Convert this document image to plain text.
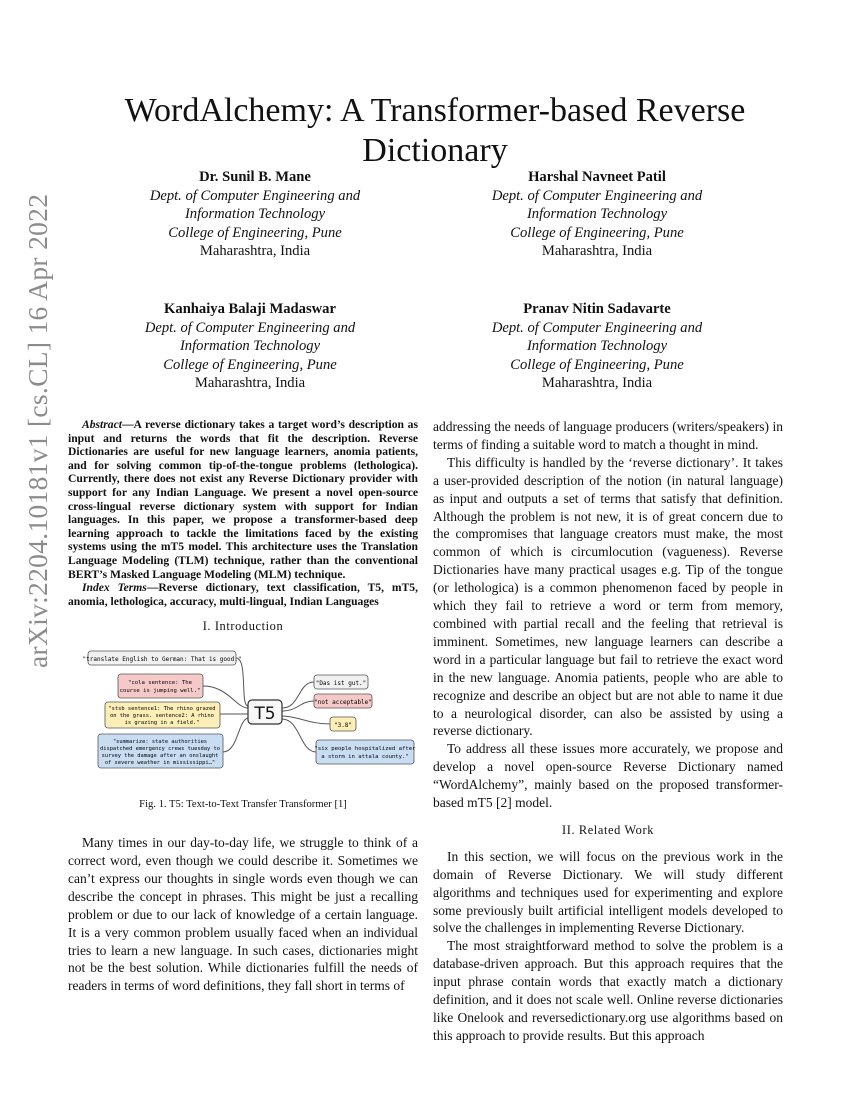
arXiv:2204.10181v1 [cs.CL] 16 Apr 2022
WordAlchemy: A Transformer-based Reverse Dictionary
Dr. Sunil B. Mane
Dept. of Computer Engineering and
Information Technology
College of Engineering, Pune
Maharashtra, India
Harshal Navneet Patil
Dept. of Computer Engineering and
Information Technology
College of Engineering, Pune
Maharashtra, India
Kanhaiya Balaji Madaswar
Dept. of Computer Engineering and
Information Technology
College of Engineering, Pune
Maharashtra, India
Pranav Nitin Sadavarte
Dept. of Computer Engineering and
Information Technology
College of Engineering, Pune
Maharashtra, India

Abstract—A reverse dictionary takes a target word’s description as input and returns the words that fit the description. Reverse Dictionaries are useful for new language learners, anomia patients, and for solving common tip-of-the-tongue problems (lethologica). Currently, there does not exist any Reverse Dictionary provider with support for any Indian Language. We present a novel open-source cross-lingual reverse dictionary system with support for Indian languages. In this paper, we propose a transformer-based deep learning approach to tackle the limitations faced by the existing systems using the mT5 model. This architecture uses the Translation Language Modeling (TLM) technique, rather than the conventional BERT’s Masked Language Modeling (MLM) technique.

Index Terms—Reverse dictionary, text classification, T5, mT5, anomia, lethologica, accuracy, multi-lingual, Indian Languages

I. Introduction
"translate English to German: That is good."
"cola sentence: The
course is jumping well."
"stsb sentence1: The rhino grazed
on the grass. sentence2: A rhino
is grazing in a field."
"summarize: state authorities
dispatched emergency crews tuesday to
survey the damage after an onslaught
of severe weather in mississippi…"
T5
"Das ist gut."
"not acceptable"
"3.8"
"six people hospitalized after
a storm in attala county."
Fig. 1. T5: Text-to-Text Transfer Transformer [1]

Many times in our day-to-day life, we struggle to think of a correct word, even though we could describe it. Sometimes we can’t express our thoughts in single words even though we can describe the concept in phrases. This might be just a recalling problem or due to our lack of knowledge of a certain language. It is a very common problem usually faced when an individual tries to learn a new language. In such cases, dictionaries might not be the best solution. While dictionaries fulfill the needs of readers in terms of word definitions, they fall short in terms of

addressing the needs of language producers (writers/speakers) in terms of finding a suitable word to match a thought in mind.

This difficulty is handled by the ‘reverse dictionary’. It takes a user-provided description of the notion (in natural language) as input and outputs a set of terms that satisfy that definition. Although the problem is not new, it is of great concern due to the compromises that language creators must make, the most common of which is circumlocution (vagueness). Reverse Dictionaries have many practical usages e.g. Tip of the tongue (or lethologica) is a common phenomenon faced by people in which they fail to retrieve a word or term from memory, combined with partial recall and the feeling that retrieval is imminent. Sometimes, new language learners can describe a word in a particular language but fail to retrieve the exact word in the new language. Anomia patients, people who are able to recognize and describe an object but are not able to name it due to a neurological disorder, can also be assisted by using a reverse dictionary.

To address all these issues more accurately, we propose and develop a novel open-source Reverse Dictionary named “WordAlchemy”, mainly based on the proposed transformer-based mT5 [2] model.

II. Related Work

In this section, we will focus on the previous work in the domain of Reverse Dictionary. We will study different algorithms and techniques used for experimenting and explore some previously built artificial intelligent models developed to solve the challenges in implementing Reverse Dictionary.

The most straightforward method to solve the problem is a database-driven approach. But this approach requires that the input phrase contain words that exactly match a dictionary definition, and it does not scale well. Online reverse dictionaries like Onelook and reversedictionary.org use algorithms based on this approach to provide results. But this approach
